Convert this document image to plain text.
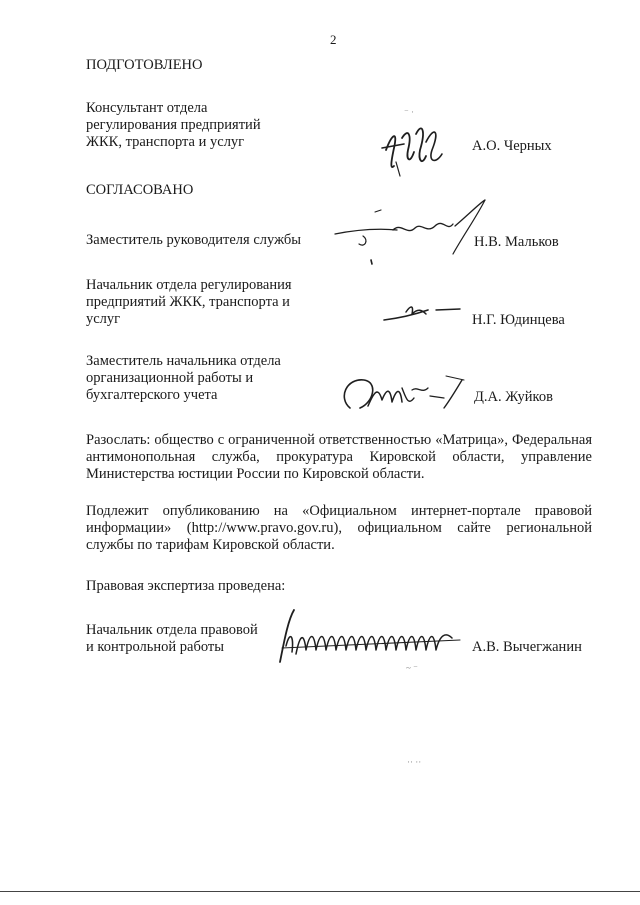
2
ПОДГОТОВЛЕНО
Консультант отдела
регулирования предприятий
ЖКК, транспорта и услуг	А.О. Черных
СОГЛАСОВАНО
Заместитель руководителя службы	Н.В. Мальков
Начальник отдела регулирования
предприятий ЖКК, транспорта и
услуг	Н.Г. Юдинцева
Заместитель начальника отдела
организационной работы и
бухгалтерского учета	Д.А. Жуйков
Разослать: общество с ограниченной ответственностью «Матрица», Федеральная антимонопольная служба, прокуратура Кировской области, управление Министерства юстиции России по Кировской области.
Подлежит опубликованию на «Официальном интернет-портале правовой информации» (http://www.pravo.gov.ru), официальном сайте региональной службы по тарифам Кировской области.
Правовая экспертиза проведена:
Начальник отдела правовой
и контрольной работы	А.В. Вычегжанин
⁻ ·
~ ⁻
·· ··
